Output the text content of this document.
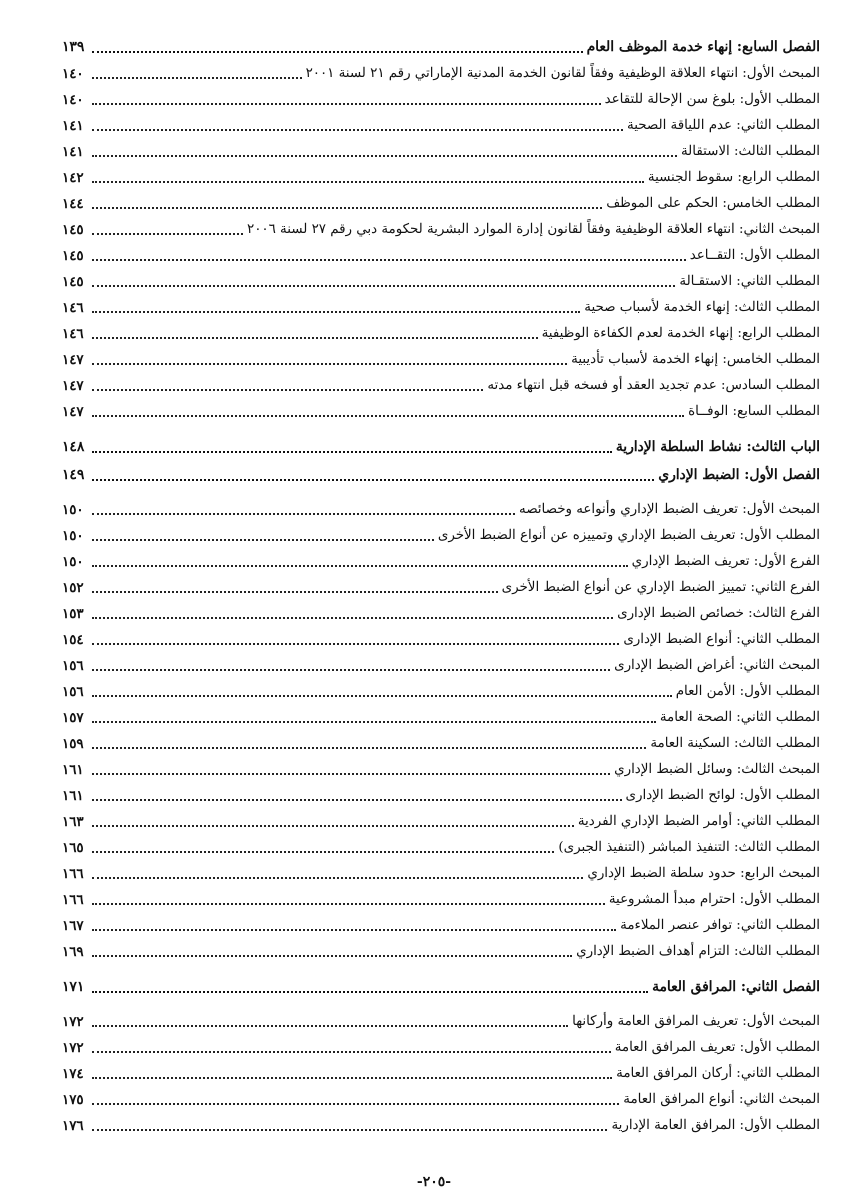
الفصل السابع: إنهاء خدمة الموظف العام
١٣٩
المبحث الأول: انتهاء العلاقة الوظيفية وفقاً لقانون الخدمة المدنية الإماراتي رقم ٢١ لسنة ٢٠٠١
١٤٠
المطلب الأول: بلوغ سن الإحالة للتقاعد
١٤٠
المطلب الثاني: عدم اللياقة الصحية
١٤١
المطلب الثالث: الاستقالة
١٤١
المطلب الرابع: سقوط الجنسية
١٤٢
المطلب الخامس: الحكم على الموظف
١٤٤
المبحث الثاني: انتهاء العلاقة الوظيفية وفقاً لقانون إدارة الموارد البشرية لحكومة دبي رقم ٢٧ لسنة ٢٠٠٦
١٤٥
المطلب الأول: التقــاعد
١٤٥
المطلب الثاني: الاستقـالة
١٤٥
المطلب الثالث: إنهاء الخدمة لأسباب صحية
١٤٦
المطلب الرابع: إنهاء الخدمة لعدم الكفاءة الوظيفية
١٤٦
المطلب الخامس: إنهاء الخدمة لأسباب تأديبية
١٤٧
المطلب السادس: عدم تجديد العقد أو فسخه قبل انتهاء مدته
١٤٧
المطلب السابع: الوفــاة
١٤٧
الباب الثالث: نشاط السلطة الإدارية
١٤٨
الفصل الأول: الضبط الإداري
١٤٩
المبحث الأول: تعريف الضبط الإداري وأنواعه وخصائصه
١٥٠
المطلب الأول: تعريف الضبط الإداري وتمييزه عن أنواع الضبط الأخرى
١٥٠
الفرع الأول: تعريف الضبط الإداري
١٥٠
الفرع الثاني: تمييز الضبط الإداري عن أنواع الضبط الأخرى
١٥٢
الفرع الثالث: خصائص الضبط الإدارى
١٥٣
المطلب الثاني: أنواع الضبط الإدارى
١٥٤
المبحث الثاني: أغراض الضبط الإدارى
١٥٦
المطلب الأول: الأمن العام
١٥٦
المطلب الثاني: الصحة العامة
١٥٧
المطلب الثالث: السكينة العامة
١٥٩
المبحث الثالث: وسائل الضبط الإداري
١٦١
المطلب الأول: لوائح الضبط الإدارى
١٦١
المطلب الثاني: أوامر الضبط الإداري الفردية
١٦٣
المطلب الثالث: التنفيذ المباشر (التنفيذ الجبرى)
١٦٥
المبحث الرابع: حدود سلطة الضبط الإداري
١٦٦
المطلب الأول: احترام مبدأ المشروعية
١٦٦
المطلب الثاني: توافر عنصر الملاءمة
١٦٧
المطلب الثالث: التزام أهداف الضبط الإداري
١٦٩
الفصل الثاني: المرافق العامة
١٧١
المبحث الأول: تعريف المرافق العامة وأركانها
١٧٢
المطلب الأول: تعريف المرافق العامة
١٧٢
المطلب الثاني: أركان المرافق العامة
١٧٤
المبحث الثاني: أنواع المرافق العامة
١٧٥
المطلب الأول: المرافق العامة الإدارية
١٧٦
-٢٠٥-
